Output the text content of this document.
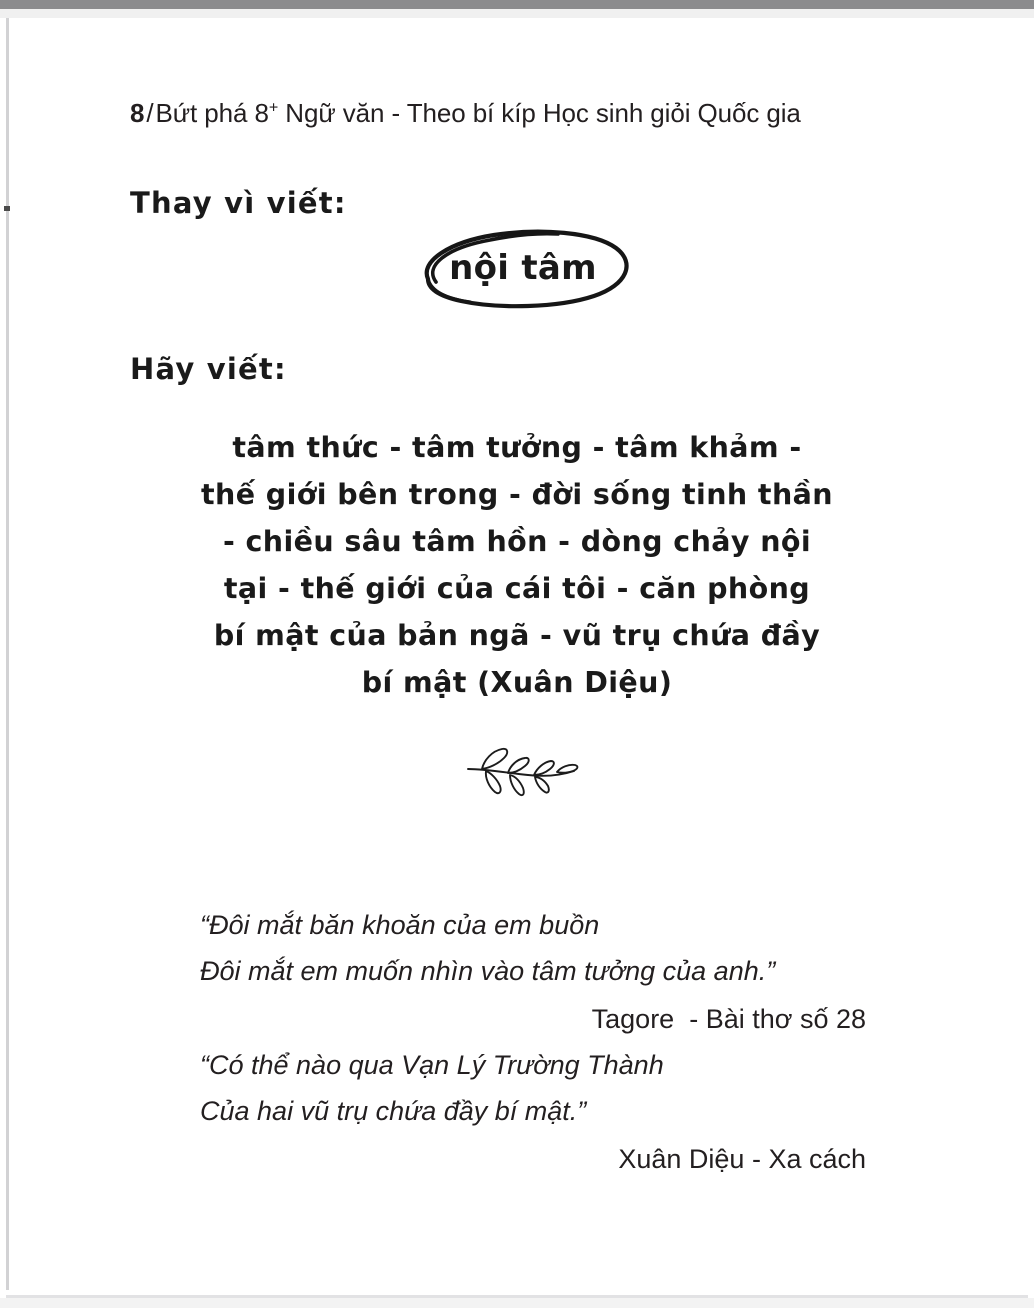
8/Bứt phá 8+ Ngữ văn - Theo bí kíp Học sinh giỏi Quốc gia
Thay vì viết:
nội tâm
Hãy viết:
tâm thức - tâm tưởng - tâm khảm -
thế giới bên trong - đời sống tinh thần
- chiều sâu tâm hồn - dòng chảy nội
tại - thế giới của cái tôi - căn phòng
bí mật của bản ngã - vũ trụ chứa đầy
bí mật (Xuân Diệu)
“Đôi mắt băn khoăn của em buồn
Đôi mắt em muốn nhìn vào tâm tưởng của anh.”
Tagore  - Bài thơ số 28
“Có thể nào qua Vạn Lý Trường Thành
Của hai vũ trụ chứa đầy bí mật.”
Xuân Diệu - Xa cách
